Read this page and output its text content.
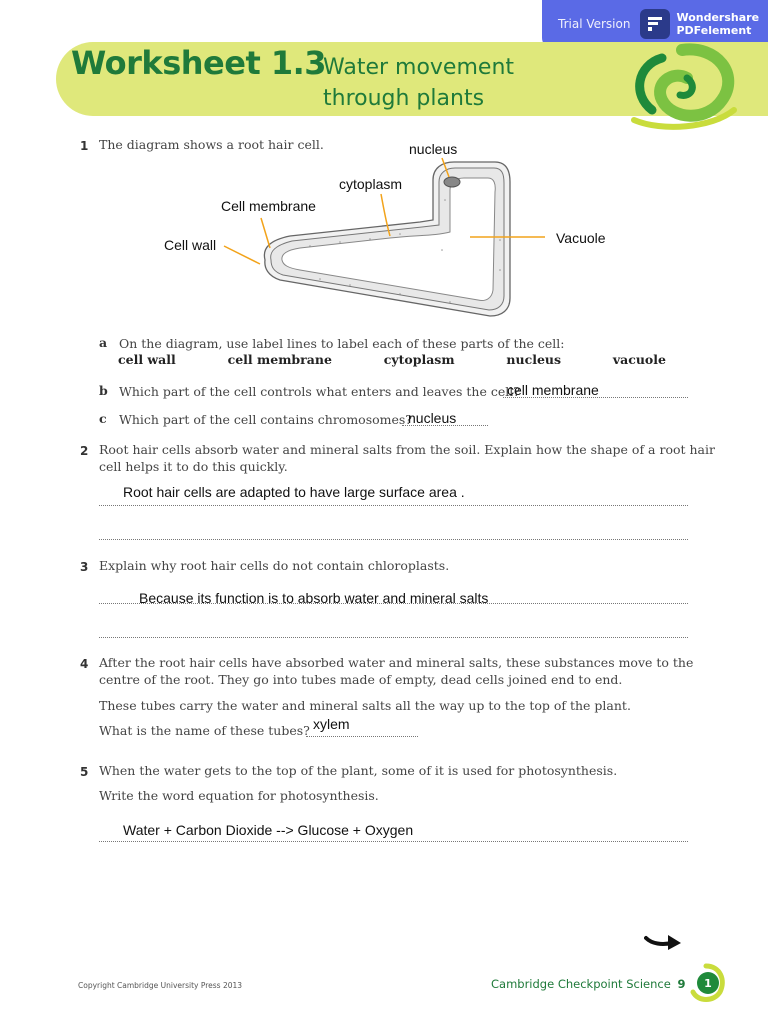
Trial Version	Wondershare
PDFelement
Worksheet 1.3
Water movement
through plants
1 The diagram shows a root hair cell.	nucleus
cytoplasm
Cell membrane
Cell wall	Vacuole
a On the diagram, use label lines to label each of these parts of the cell:
cell wall	cell membrane	cytoplasm	nucleus	vacuole
b Which part of the cell controls what enters and leaves the cell?
cell membrane
c Which part of the cell contains chromosomes?
nucleus
2 Root hair cells absorb water and mineral salts from the soil. Explain how the shape of a root hair
cell helps it to do this quickly.
Root hair cells are adapted to have large surface area .
3 Explain why root hair cells do not contain chloroplasts.
Because its function is to absorb water and mineral salts
4 After the root hair cells have absorbed water and mineral salts, these substances move to the
centre of the root. They go into tubes made of empty, dead cells joined end to end.
These tubes carry the water and mineral salts all the way up to the top of the plant.
What is the name of these tubes? xylem
5 When the water gets to the top of the plant, some of it is used for photosynthesis.
Write the word equation for photosynthesis.
Water + Carbon Dioxide --> Glucose + Oxygen
Copyright Cambridge University Press 2013	Cambridge Checkpoint Science 9	1
